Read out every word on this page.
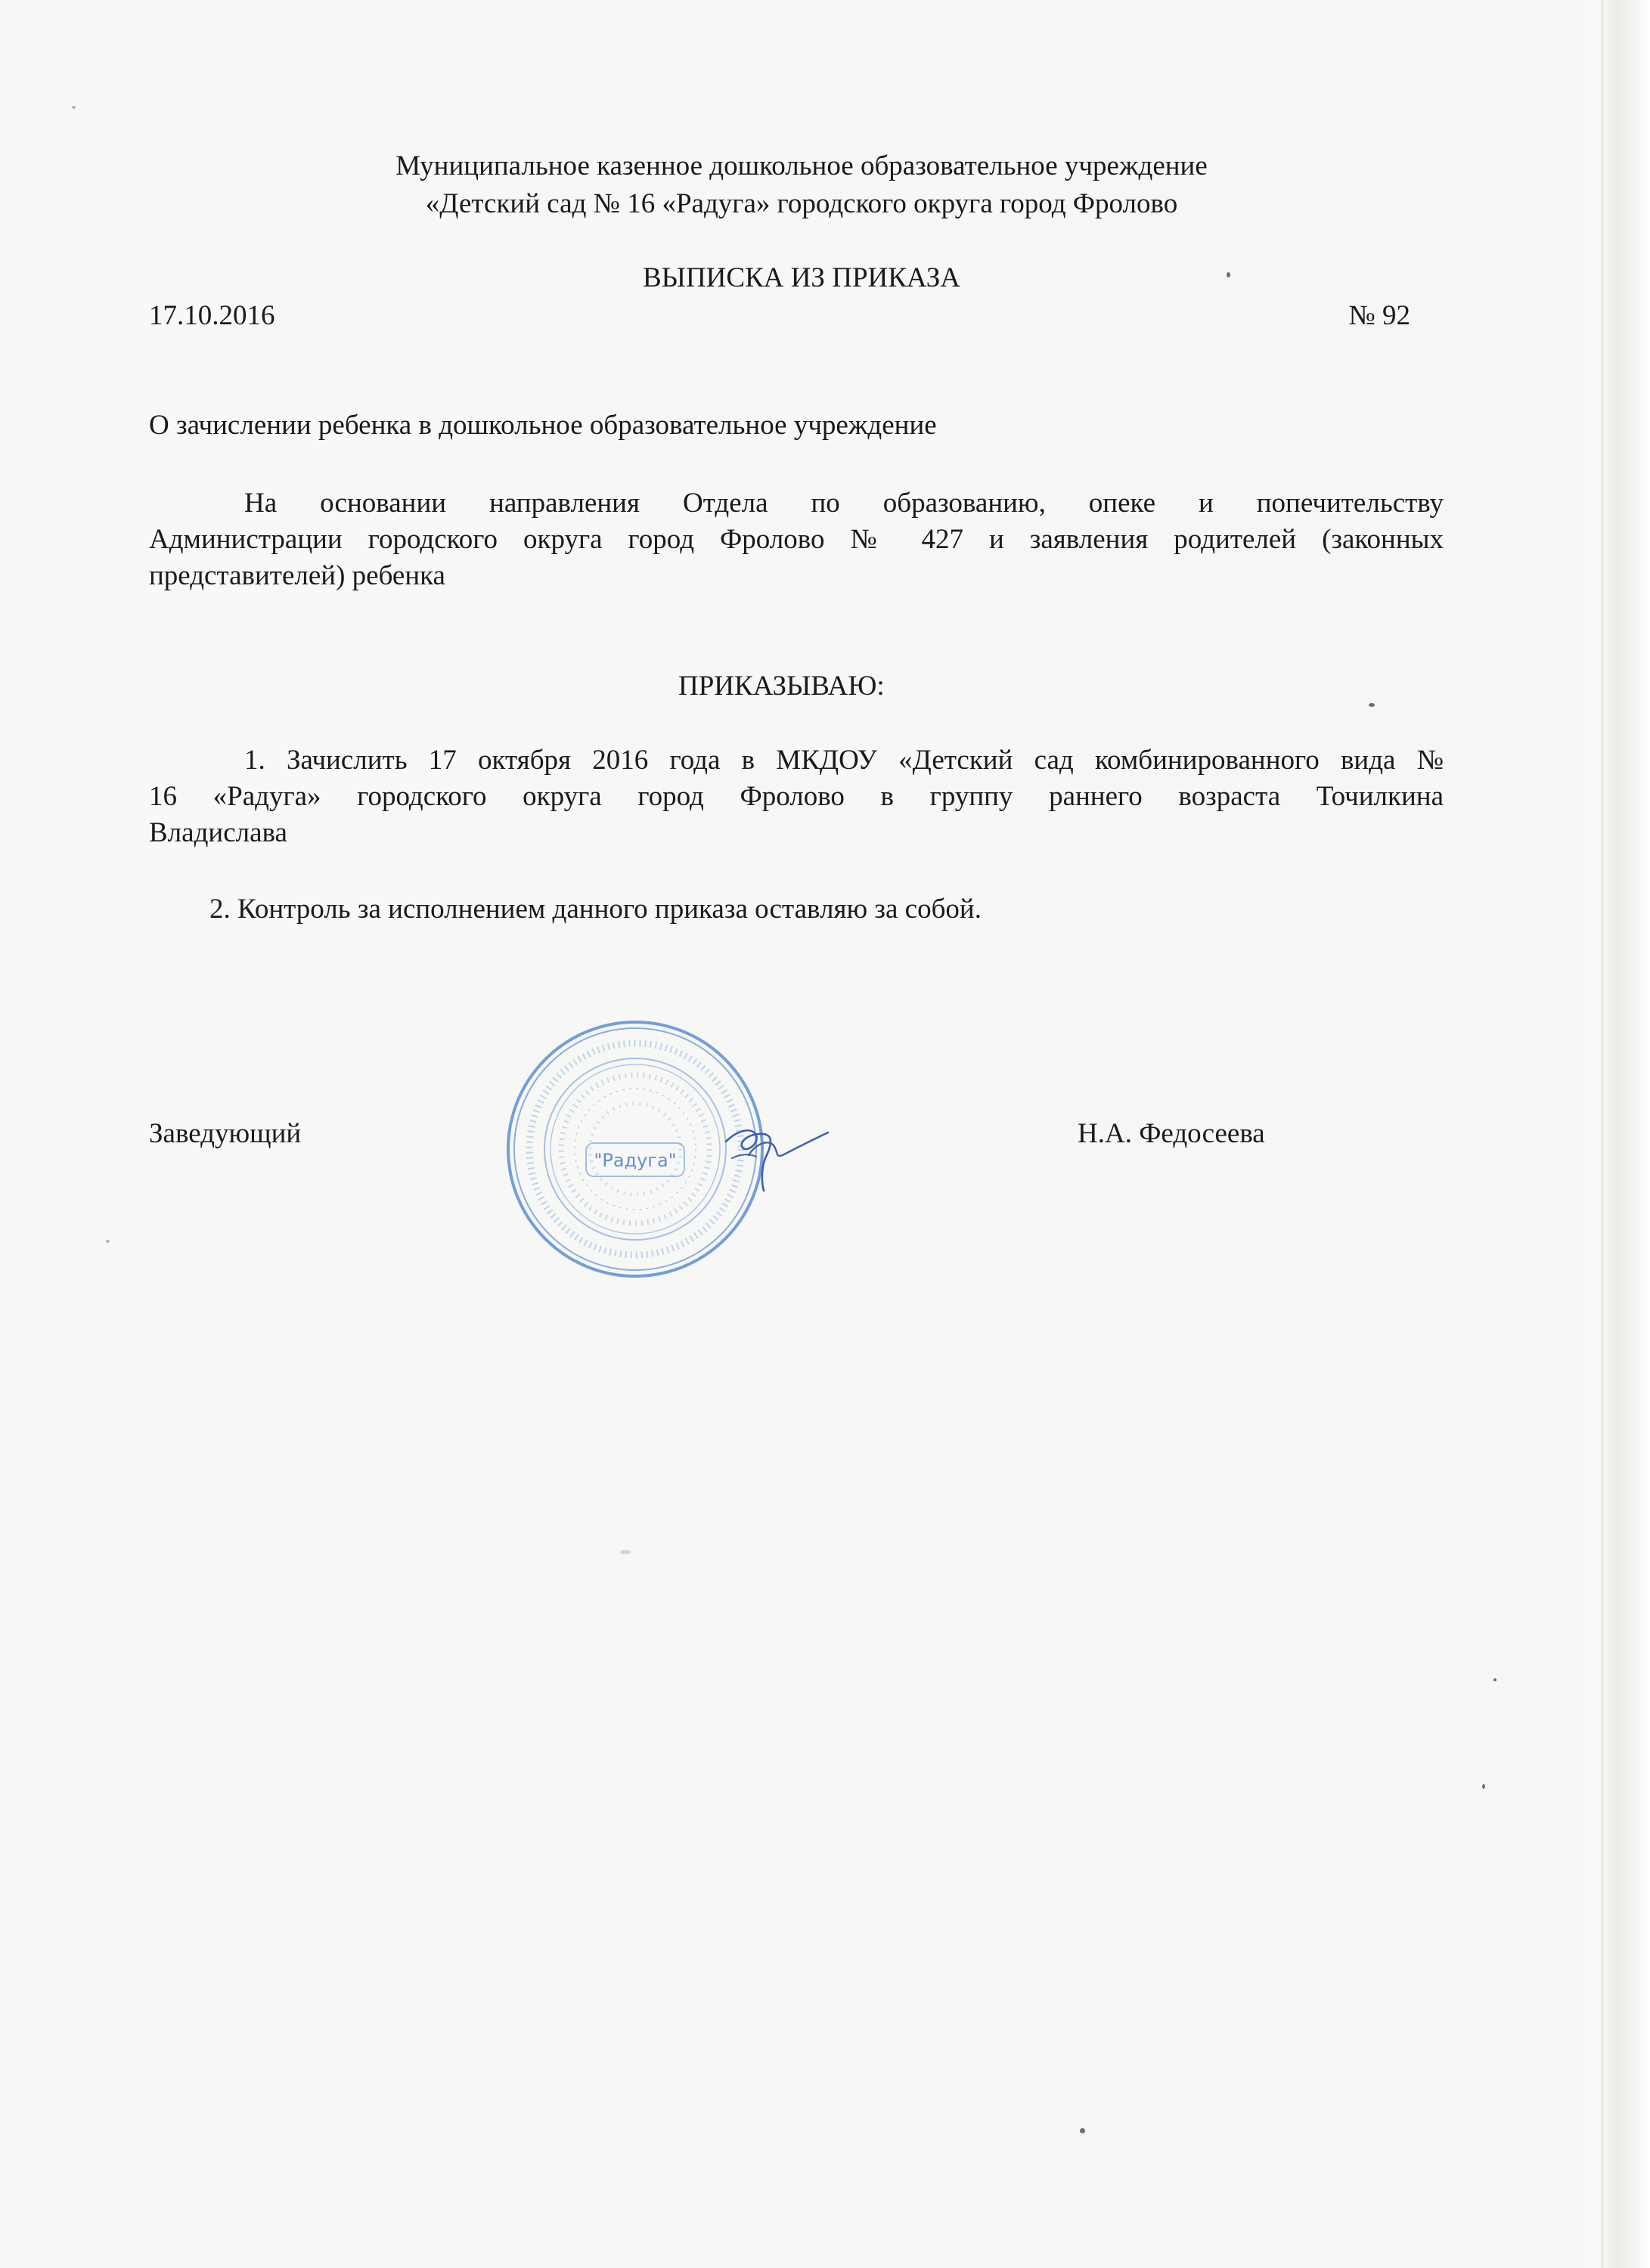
Муниципальное казенное дошкольное образовательное учреждение
«Детский сад № 16 «Радуга» городского округа город Фролово
ВЫПИСКА ИЗ ПРИКАЗА
17.10.2016	№ 92
О зачислении ребенка в дошкольное образовательное учреждение
На основании направления Отдела по образованию, опеке и попечительству
Администрации городского округа город Фролово № 427 и заявления родителей (законных
представителей) ребенка
ПРИКАЗЫВАЮ:
1. Зачислить 17 октября 2016 года в МКДОУ «Детский сад комбинированного вида №
16 «Радуга» городского округа город Фролово в группу раннего возраста Точилкина
Владислава
2. Контроль за исполнением данного приказа оставляю за собой.
Заведующий	Н.А. Федосеева
"Радуга"
